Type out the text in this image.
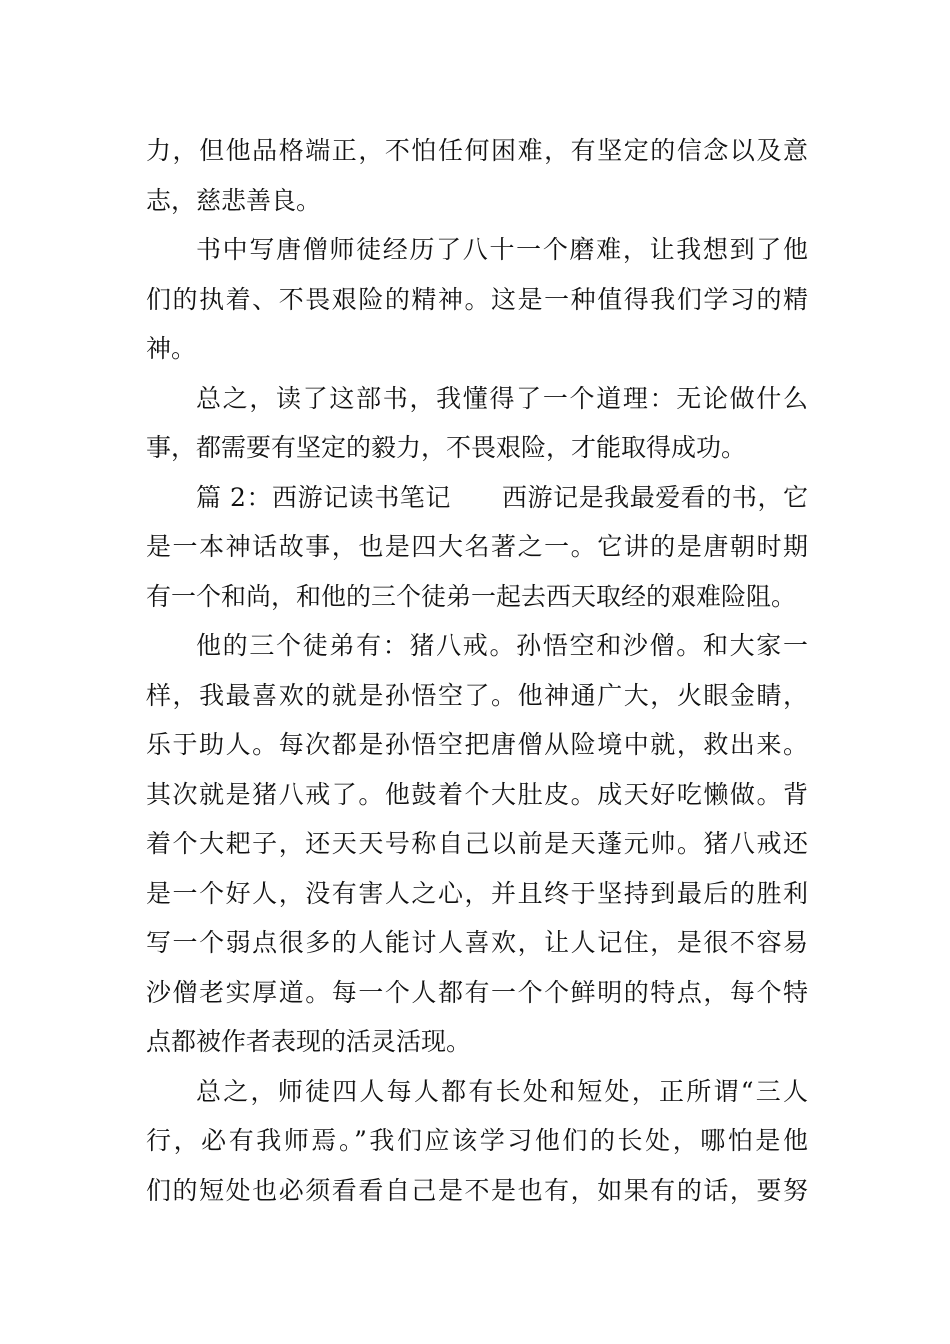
力，但他品格端正，不怕任何困难，有坚定的信念以及意
志，慈悲善良。
书中写唐僧师徒经历了八十一个磨难，让我想到了他
们的执着、不畏艰险的精神。这是一种值得我们学习的精
神。
总之，读了这部书，我懂得了一个道理：无论做什么
事，都需要有坚定的毅力，不畏艰险，才能取得成功。
篇 2：西游记读书笔记　　西游记是我最爱看的书，它
是一本神话故事，也是四大名著之一。它讲的是唐朝时期
有一个和尚，和他的三个徒弟一起去西天取经的艰难险阻。
他的三个徒弟有：猪八戒。孙悟空和沙僧。和大家一
样，我最喜欢的就是孙悟空了。他神通广大，火眼金睛，
乐于助人。每次都是孙悟空把唐僧从险境中就，救出来。
其次就是猪八戒了。他鼓着个大肚皮。成天好吃懒做。背
着个大耙子，还天天号称自己以前是天蓬元帅。猪八戒还
是一个好人，没有害人之心，并且终于坚持到最后的胜利
写一个弱点很多的人能讨人喜欢，让人记住，是很不容易
沙僧老实厚道。每一个人都有一个个鲜明的特点，每个特
点都被作者表现的活灵活现。
总之，师徒四人每人都有长处和短处，正所谓“三人
行，必有我师焉。”我们应该学习他们的长处，哪怕是他
们的短处也必须看看自己是不是也有，如果有的话，要努
